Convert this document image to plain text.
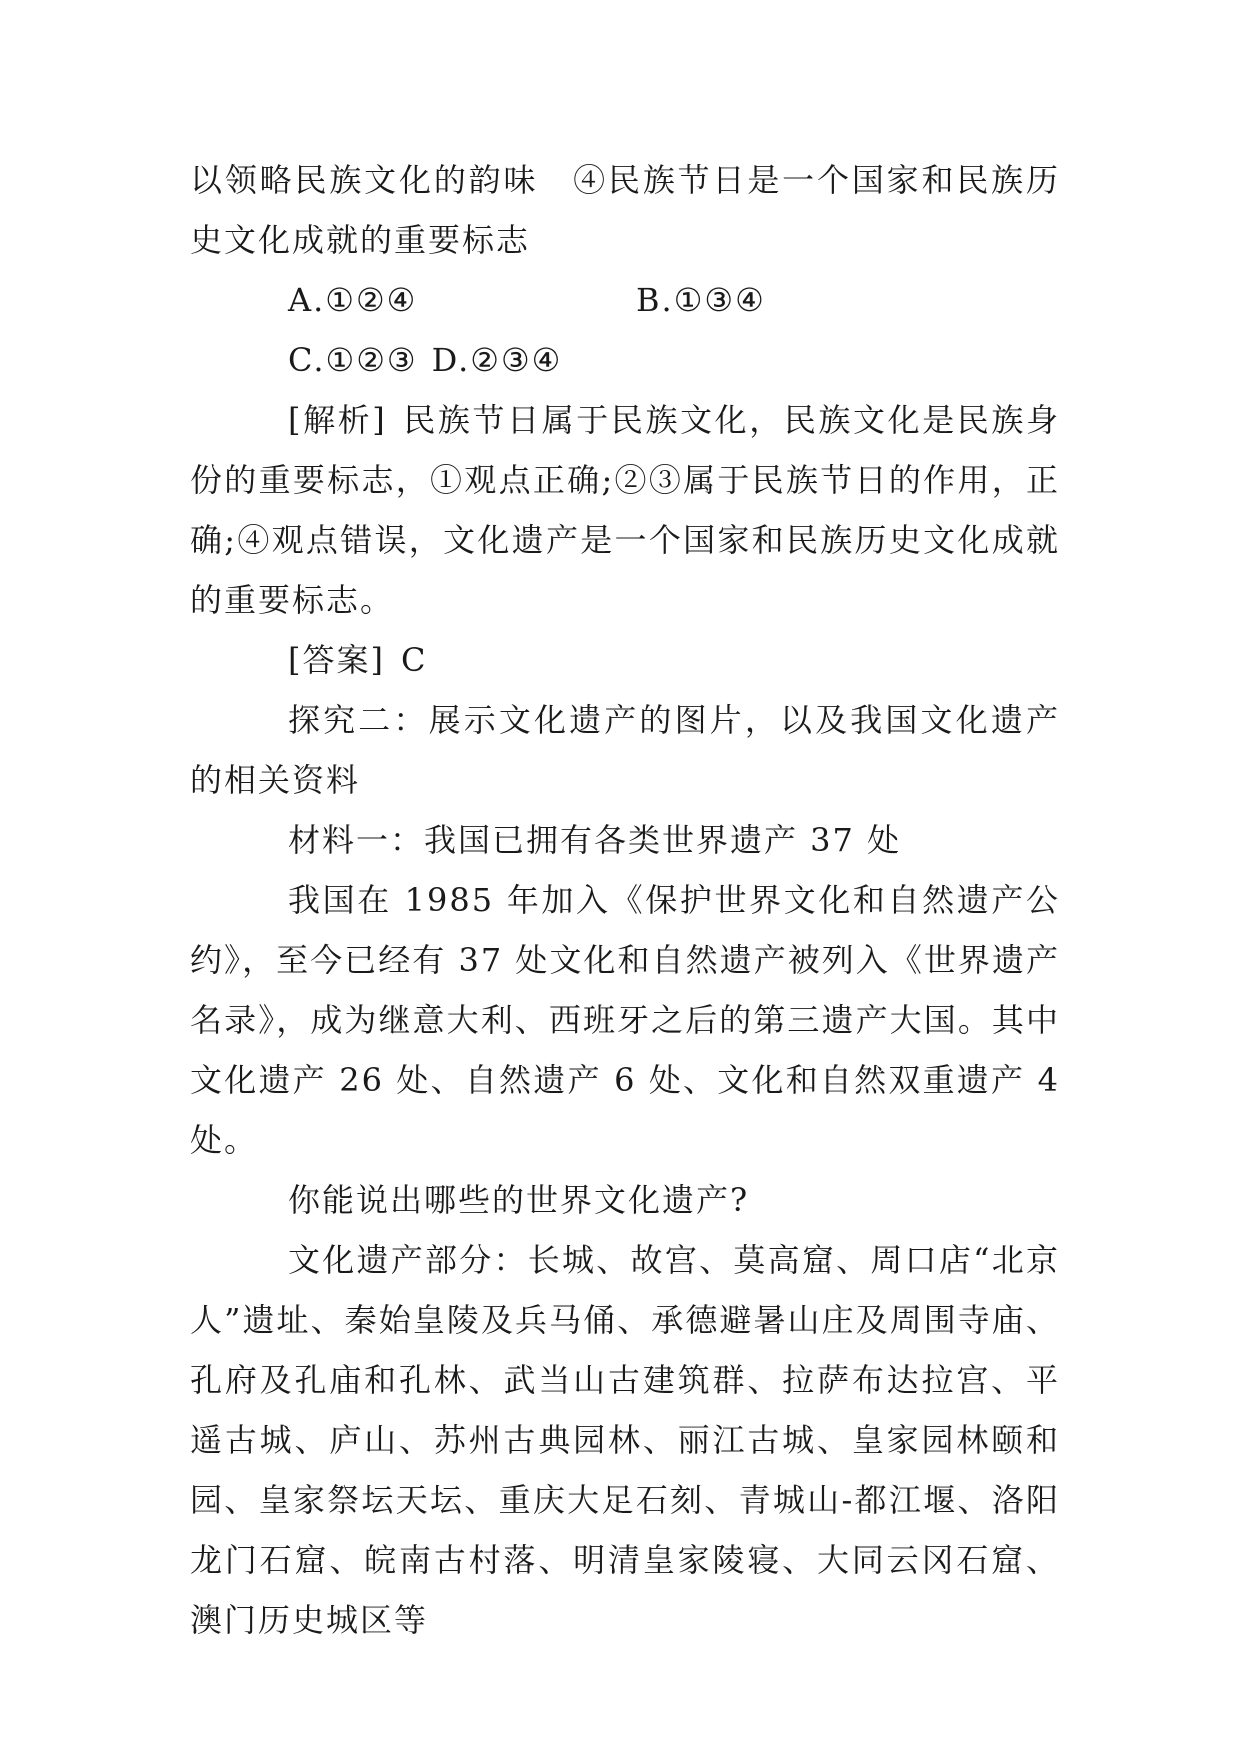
以领略民族文化的韵味　④民族节日是一个国家和民族历史文化成就的重要标志

A.①②④	B.①③④
C.①②③ D.②③④

[解析] 民族节日属于民族文化，民族文化是民族身份的重要标志，①观点正确;②③属于民族节日的作用，正确;④观点错误，文化遗产是一个国家和民族历史文化成就的重要标志。

[答案] C

探究二：展示文化遗产的图片，以及我国文化遗产的相关资料

材料一：我国已拥有各类世界遗产 37 处

我国在 1985 年加入《保护世界文化和自然遗产公约》，至今已经有 37 处文化和自然遗产被列入《世界遗产名录》，成为继意大利、西班牙之后的第三遗产大国。其中文化遗产 26 处、自然遗产 6 处、文化和自然双重遗产 4 处。

你能说出哪些的世界文化遗产?

文化遗产部分：长城、故宫、莫高窟、周口店“北京人”遗址、秦始皇陵及兵马俑、承德避暑山庄及周围寺庙、孔府及孔庙和孔林、武当山古建筑群、拉萨布达拉宫、平遥古城、庐山、苏州古典园林、丽江古城、皇家园林颐和园、皇家祭坛天坛、重庆大足石刻、青城山-都江堰、洛阳龙门石窟、皖南古村落、明清皇家陵寝、大同云冈石窟、澳门历史城区等
